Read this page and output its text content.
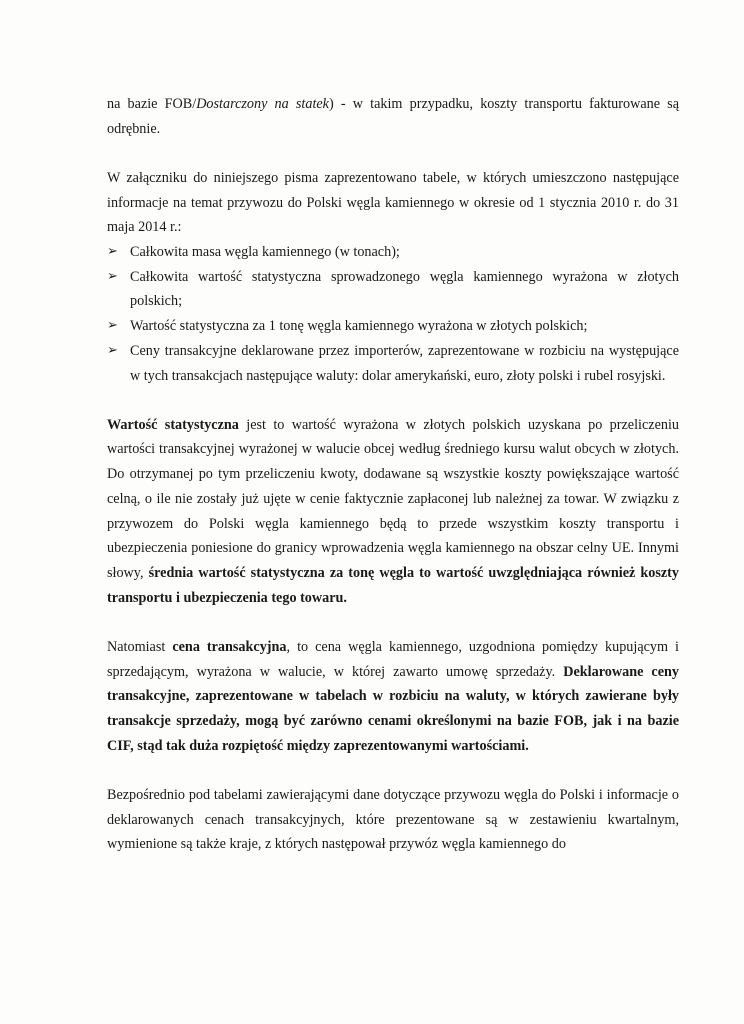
na bazie FOB/Dostarczony na statek) - w takim przypadku, koszty transportu fakturowane są odrębnie.

W załączniku do niniejszego pisma zaprezentowano tabele, w których umieszczono następujące informacje na temat przywozu do Polski węgla kamiennego w okresie od 1 stycznia 2010 r. do 31 maja 2014 r.:

➢ Całkowita masa węgla kamiennego (w tonach);
➢ Całkowita wartość statystyczna sprowadzonego węgla kamiennego wyrażona w złotych polskich;
➢ Wartość statystyczna za 1 tonę węgla kamiennego wyrażona w złotych polskich;
➢ Ceny transakcyjne deklarowane przez importerów, zaprezentowane w rozbiciu na występujące w tych transakcjach następujące waluty: dolar amerykański, euro, złoty polski i rubel rosyjski.

Wartość statystyczna jest to wartość wyrażona w złotych polskich uzyskana po przeliczeniu wartości transakcyjnej wyrażonej w walucie obcej według średniego kursu walut obcych w złotych. Do otrzymanej po tym przeliczeniu kwoty, dodawane są wszystkie koszty powiększające wartość celną, o ile nie zostały już ujęte w cenie faktycznie zapłaconej lub należnej za towar. W związku z przywozem do Polski węgla kamiennego będą to przede wszystkim koszty transportu i ubezpieczenia poniesione do granicy wprowadzenia węgla kamiennego na obszar celny UE. Innymi słowy, średnia wartość statystyczna za tonę węgla to wartość uwzględniająca również koszty transportu i ubezpieczenia tego towaru.

Natomiast cena transakcyjna, to cena węgla kamiennego, uzgodniona pomiędzy kupującym i sprzedającym, wyrażona w walucie, w której zawarto umowę sprzedaży. Deklarowane ceny transakcyjne, zaprezentowane w tabelach w rozbiciu na waluty, w których zawierane były transakcje sprzedaży, mogą być zarówno cenami określonymi na bazie FOB, jak i na bazie CIF, stąd tak duża rozpiętość między zaprezentowanymi wartościami.

Bezpośrednio pod tabelami zawierającymi dane dotyczące przywozu węgla do Polski i informacje o deklarowanych cenach transakcyjnych, które prezentowane są w zestawieniu kwartalnym, wymienione są także kraje, z których następował przywóz węgla kamiennego do
